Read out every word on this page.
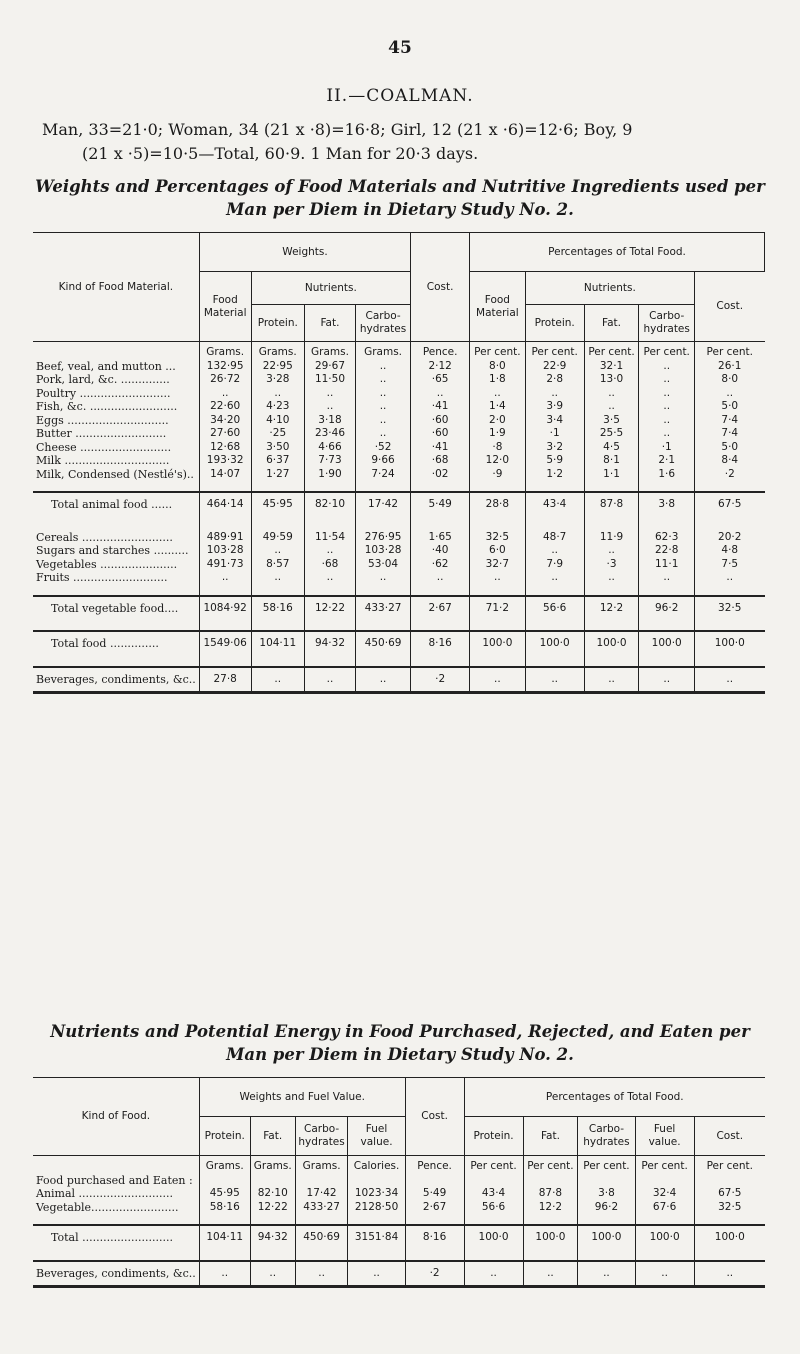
45
II.—COALMAN.
Man, 33=21·0; Woman, 34 (21 x ·8)=16·8; Girl, 12 (21 x ·6)=12·6; Boy, 9
(21 x ·5)=10·5—Total, 60·9. 1 Man for 20·3 days.
Weights and Percentages of Food Materials and Nutritive Ingredients used per
Man per Diem in Dietary Study No. 2.
Kind of Food Material.	Weights.				Cost.	Percentages of Total Food.				
	Food Material	Nutrients.				Food Material	Nutrients.			Cost.
		Protein.	Fat.	Carbo-hydrates			Protein.	Fat.	Carbo-hydrates	
	Grams.	Grams.	Grams.	Grams.	Pence.	Per cent.	Per cent.	Per cent.	Per cent.	Per cent.
Beef, veal, and mutton ...	132·95	22·95	29·67	..	2·12	8·0	22·9	32·1	..	26·1
Pork, lard, &c. ..............	26·72	3·28	11·50	..	·65	1·8	2·8	13·0	..	8·0
Poultry ..........................	..	..	..	..	..	..	..	..	..	..
Fish, &c. .........................	22·60	4·23	..	..	·41	1·4	3·9	..	..	5·0
Eggs .............................	34·20	4·10	3·18	..	·60	2·0	3·4	3·5	..	7·4
Butter ..........................	27·60	·25	23·46	..	·60	1·9	·1	25·5	..	7·4
Cheese ..........................	12·68	3·50	4·66	·52	·41	·8	3·2	4·5	·1	5·0
Milk ..............................	193·32	6·37	7·73	9·66	·68	12·0	5·9	8·1	2·1	8·4
Milk, Condensed (Nestlé's)..	14·07	1·27	1·90	7·24	·02	·9	1·2	1·1	1·6	·2

Total animal food ......	464·14	45·95	82·10	17·42	5·49	28·8	43·4	87·8	3·8	67·5

Cereals ..........................	489·91	49·59	11·54	276·95	1·65	32·5	48·7	11·9	62·3	20·2
Sugars and starches ..........	103·28	..	..	103·28	·40	6·0	..	..	22·8	4·8
Vegetables ......................	491·73	8·57	·68	53·04	·62	32·7	7·9	·3	11·1	7·5
Fruits ...........................	..	..	..	..	..	..	..	..	..	..

Total vegetable food....	1084·92	58·16	12·22	433·27	2·67	71·2	56·6	12·2	96·2	32·5

Total food ..............	1549·06	104·11	94·32	450·69	8·16	100·0	100·0	100·0	100·0	100·0

Beverages, condiments, &c..	27·8	..	..	..	·2	..	..	..	..	..
Nutrients and Potential Energy in Food Purchased, Rejected, and Eaten per
Man per Diem in Dietary Study No. 2.
Kind of Food.	Weights and Fuel Value.				Cost.	Percentages of Total Food.				
	Protein.	Fat.	Carbo-hydrates	Fuel value.		Protein.	Fat.	Carbo-hydrates	Fuel value.	Cost.
	Grams.	Grams.	Grams.	Calories.	Pence.	Per cent.	Per cent.	Per cent.	Per cent.	Per cent.
Food purchased and Eaten :										
Animal ...........................	45·95	82·10	17·42	1023·34	5·49	43·4	87·8	3·8	32·4	67·5
Vegetable.........................	58·16	12·22	433·27	2128·50	2·67	56·6	12·2	96·2	67·6	32·5

Total ..........................	104·11	94·32	450·69	3151·84	8·16	100·0	100·0	100·0	100·0	100·0

Beverages, condiments, &c..	..	..	..	..	·2	..	..	..	..	..
